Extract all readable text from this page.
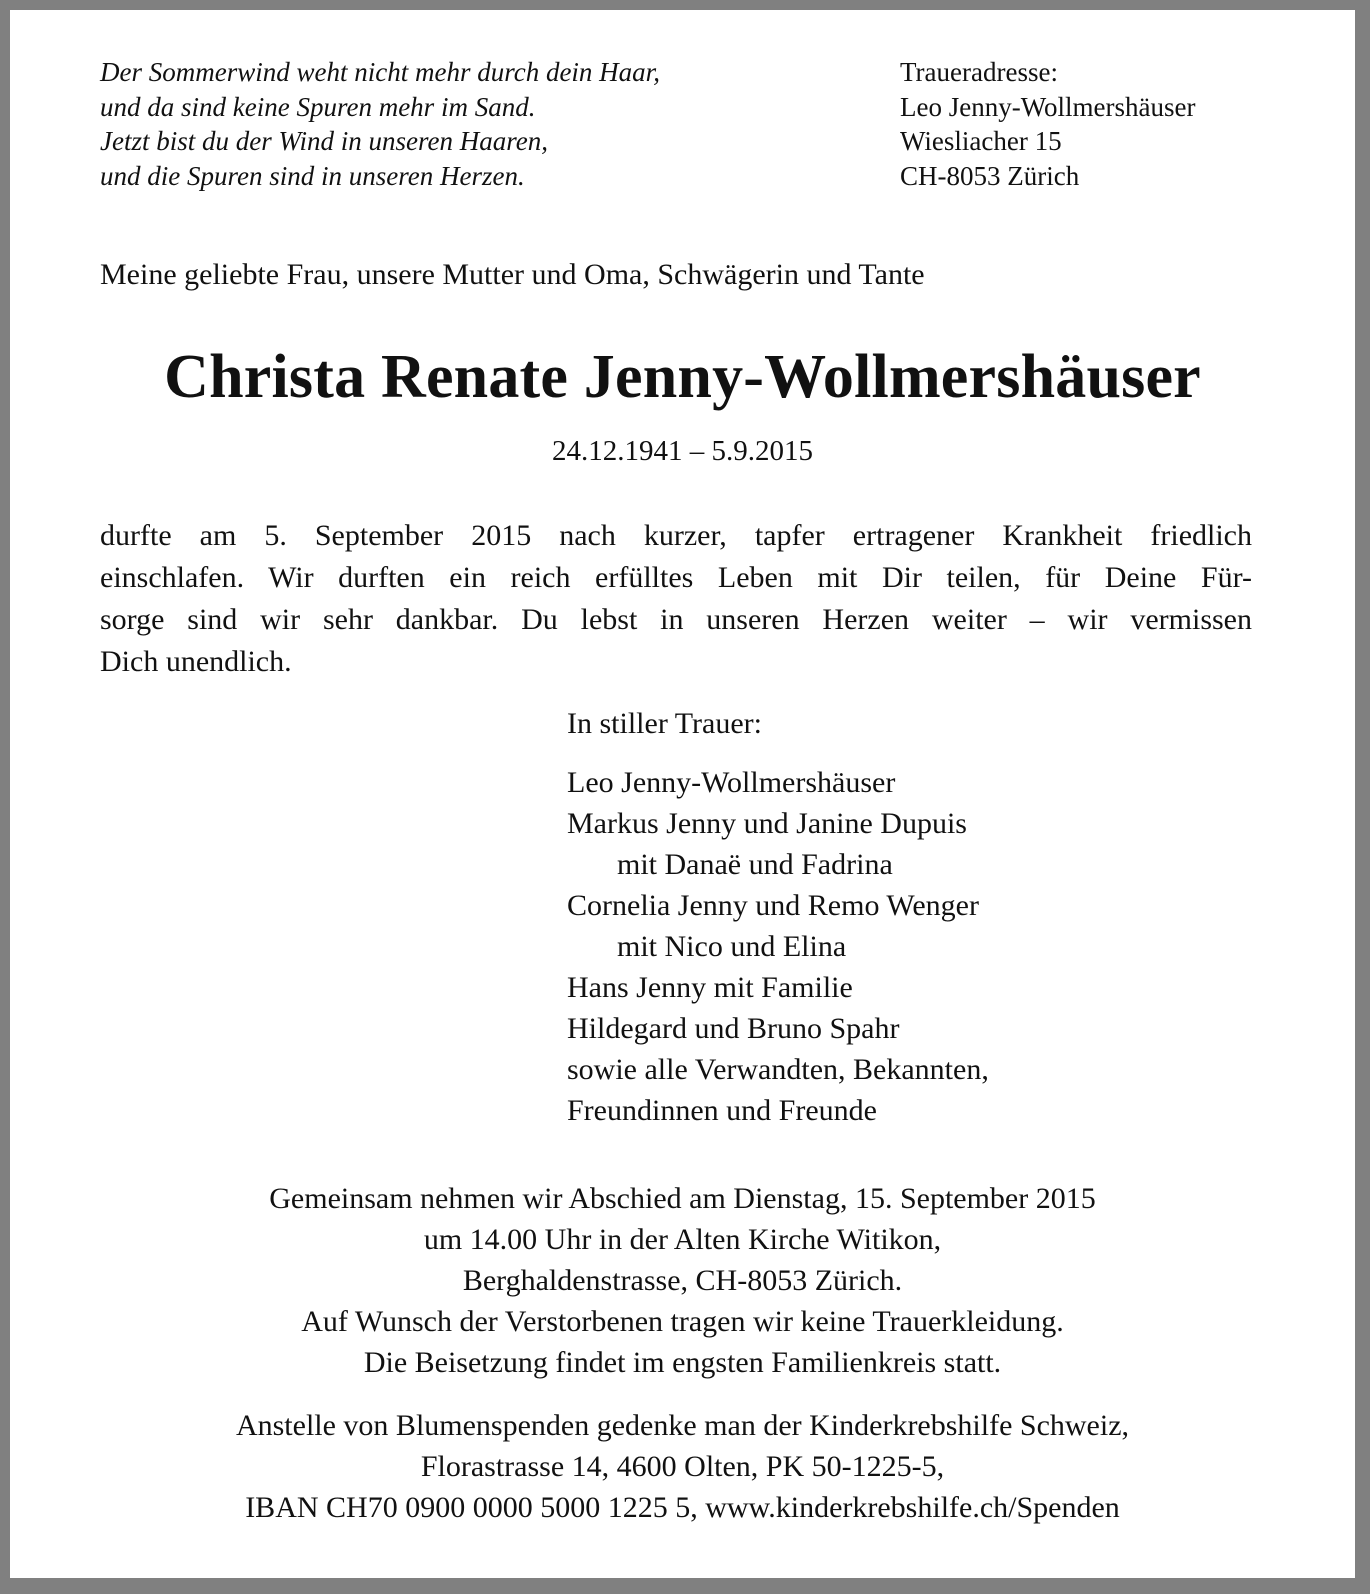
Der Sommerwind weht nicht mehr durch dein Haar,
und da sind keine Spuren mehr im Sand.
Jetzt bist du der Wind in unseren Haaren,
und die Spuren sind in unseren Herzen.
Traueradresse:
Leo Jenny-Wollmershäuser
Wiesliacher 15
CH-8053 Zürich

Meine geliebte Frau, unsere Mutter und Oma, Schwägerin und Tante

Christa Renate Jenny-Wollmershäuser

24.12.1941 – 5.9.2015

durfte am 5. September 2015 nach kurzer, tapfer ertragener Krankheit friedlich
einschlafen. Wir durften ein reich erfülltes Leben mit Dir teilen, für Deine Für-
sorge sind wir sehr dankbar. Du lebst in unseren Herzen weiter – wir vermissen
Dich unendlich.

In stiller Trauer:

Leo Jenny-Wollmershäuser
Markus Jenny und Janine Dupuis
mit Danaë und Fadrina
Cornelia Jenny und Remo Wenger
mit Nico und Elina
Hans Jenny mit Familie
Hildegard und Bruno Spahr
sowie alle Verwandten, Bekannten,
Freundinnen und Freunde
Gemeinsam nehmen wir Abschied am Dienstag, 15. September 2015
um 14.00 Uhr in der Alten Kirche Witikon,
Berghaldenstrasse, CH-8053 Zürich.
Auf Wunsch der Verstorbenen tragen wir keine Trauerkleidung.
Die Beisetzung findet im engsten Familienkreis statt.
Anstelle von Blumenspenden gedenke man der Kinderkrebshilfe Schweiz,
Florastrasse 14, 4600 Olten, PK 50-1225-5,
IBAN CH70 0900 0000 5000 1225 5, www.kinderkrebshilfe.ch/Spenden
